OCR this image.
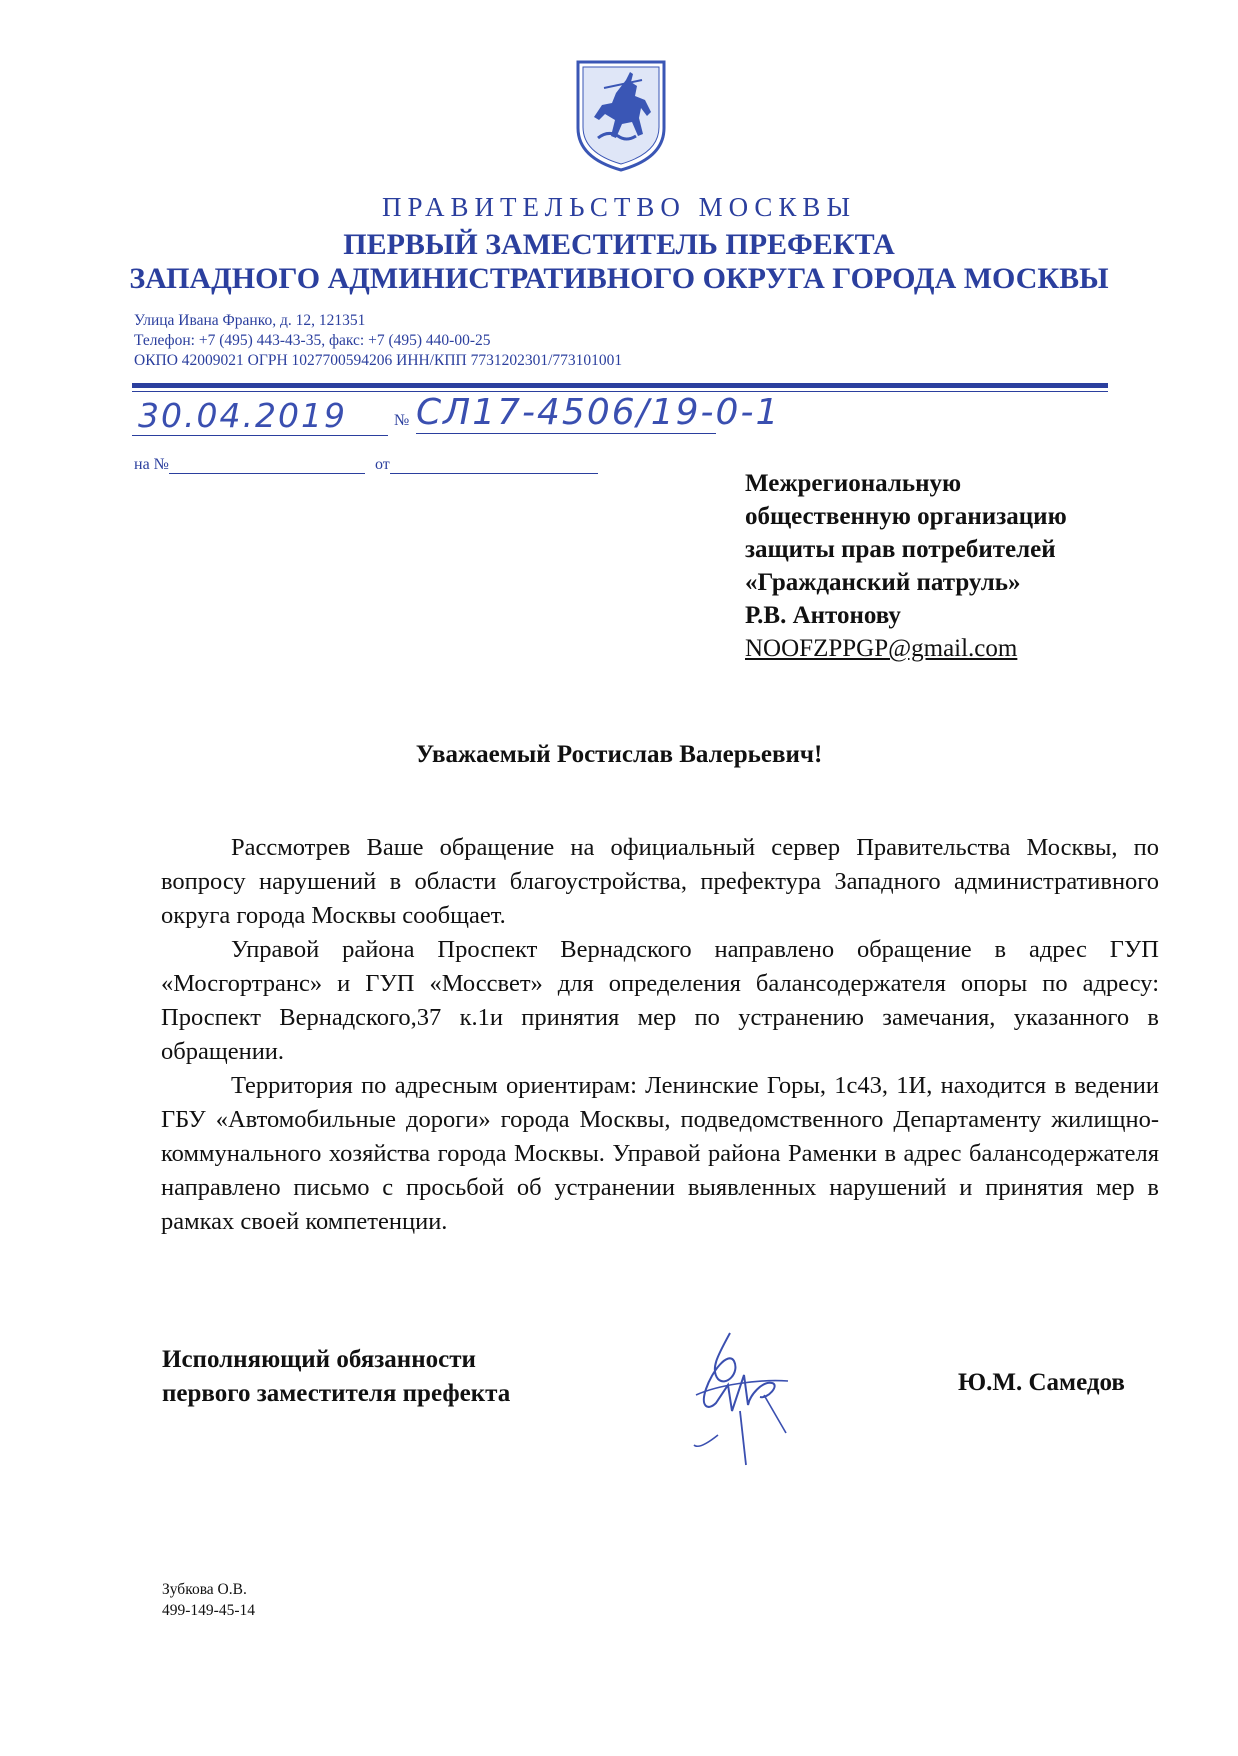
ПРАВИТЕЛЬСТВО МОСКВЫ
ПЕРВЫЙ ЗАМЕСТИТЕЛЬ ПРЕФЕКТА
ЗАПАДНОГО АДМИНИСТРАТИВНОГО ОКРУГА ГОРОДА МОСКВЫ
Улица Ивана Франко, д. 12, 121351
Телефон: +7 (495) 443-43-35, факс: +7 (495) 440-00-25
ОКПО 42009021 ОГРН 1027700594206 ИНН/КПП 7731202301/773101001
30.04.2019	№ СЛ17-4506/19-0-1
на №	от
Межрегиональную
общественную организацию
защиты прав потребителей
«Гражданский патруль»
Р.В. Антонову
NOOFZPPGP@gmail.com
Уважаемый Ростислав Валерьевич!

Рассмотрев Ваше обращение на официальный сервер Правительства Москвы, по вопросу нарушений в области благоустройства, префектура Западного административного округа города Москвы сообщает.

Управой района Проспект Вернадского направлено обращение в адрес ГУП «Мосгортранс» и ГУП «Моссвет» для определения балансодержателя опоры по адресу: Проспект Вернадского,37 к.1и принятия мер по устранению замечания, указанного в обращении.

Территория по адресным ориентирам: Ленинские Горы, 1с43, 1И, находится в ведении ГБУ «Автомобильные дороги» города Москвы, подведомственного Департаменту жилищно-коммунального хозяйства города Москвы. Управой района Раменки в адрес балансодержателя направлено письмо с просьбой об устранении выявленных нарушений и принятия мер в рамках своей компетенции.

Исполняющий обязанности
первого заместителя префекта	Ю.М. Самедов
Зубкова О.В.
499-149-45-14
